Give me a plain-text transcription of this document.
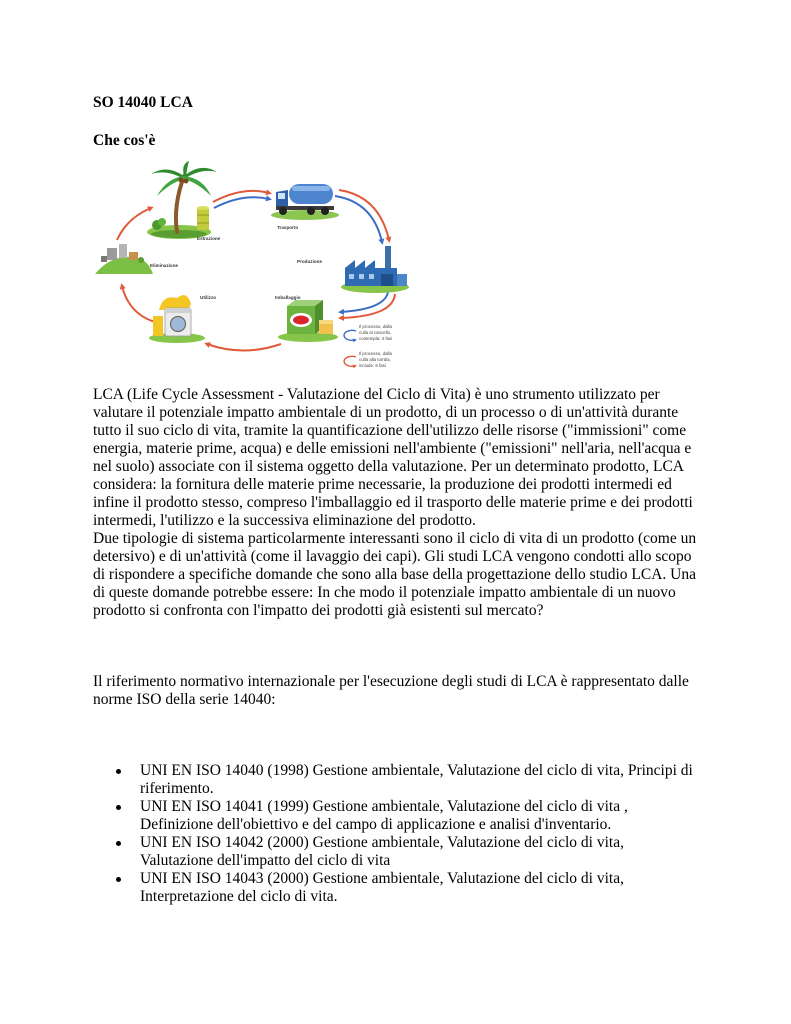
SO 14040 LCA
Che cos'è
Estrazione
Trasporto
Produzione
Imballaggio
Utilizzo
Eliminazione
Il processo, dalla
culla al cancello,
contempla: 4 fasi
Il processo, dalla
culla alla tomba,
include: 6 fasi
LCA (Life Cycle Assessment - Valutazione del Ciclo di Vita) è uno strumento utilizzato per
valutare il potenziale impatto ambientale di un prodotto, di un processo o di un'attività durante
tutto il suo ciclo di vita, tramite la quantificazione dell'utilizzo delle risorse ("immissioni" come
energia, materie prime, acqua) e delle emissioni nell'ambiente ("emissioni" nell'aria, nell'acqua e
nel suolo) associate con il sistema oggetto della valutazione. Per un determinato prodotto, LCA
considera: la fornitura delle materie prime necessarie, la produzione dei prodotti intermedi ed
infine il prodotto stesso, compreso l'imballaggio ed il trasporto delle materie prime e dei prodotti
intermedi, l'utilizzo e la successiva eliminazione del prodotto.
Due tipologie di sistema particolarmente interessanti sono il ciclo di vita di un prodotto (come un
detersivo) e di un'attività (come il lavaggio dei capi). Gli studi LCA vengono condotti allo scopo
di rispondere a specifiche domande che sono alla base della progettazione dello studio LCA. Una
di queste domande potrebbe essere: In che modo il potenziale impatto ambientale di un nuovo
prodotto si confronta con l'impatto dei prodotti già esistenti sul mercato?
Il riferimento normativo internazionale per l'esecuzione degli studi di LCA è rappresentato dalle
norme ISO della serie 14040:
UNI EN ISO 14040 (1998) Gestione ambientale, Valutazione del ciclo di vita, Principi di
riferimento.
UNI EN ISO 14041 (1999) Gestione ambientale, Valutazione del ciclo di vita ,
Definizione dell'obiettivo e del campo di applicazione e analisi d'inventario.
UNI EN ISO 14042 (2000) Gestione ambientale, Valutazione del ciclo di vita,
Valutazione dell'impatto del ciclo di vita
UNI EN ISO 14043 (2000) Gestione ambientale, Valutazione del ciclo di vita,
Interpretazione del ciclo di vita.
